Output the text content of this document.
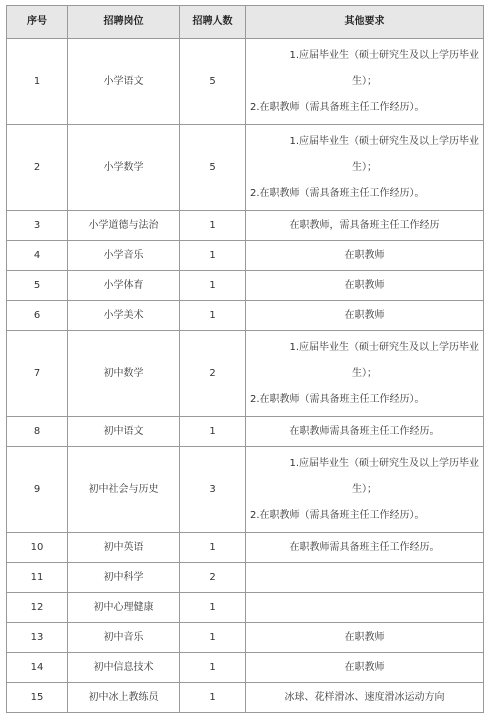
序号	招聘岗位	招聘人数	其他要求
1	小学语文	5	1.应届毕业生（硕士研究生及以上学历毕业
生）；
2.在职教师（需具备班主任工作经历）。

2	小学数学	5	1.应届毕业生（硕士研究生及以上学历毕业
生）；
2.在职教师（需具备班主任工作经历）。

3	小学道德与法治	1	在职教师，需具备班主任工作经历

4	小学音乐	1	在职教师

5	小学体育	1	在职教师

6	小学美术	1	在职教师

7	初中数学	2	1.应届毕业生（硕士研究生及以上学历毕业
生）；
2.在职教师（需具备班主任工作经历）。

8	初中语文	1	在职教师需具备班主任工作经历。

9	初中社会与历史	3	1.应届毕业生（硕士研究生及以上学历毕业
生）；
2.在职教师（需具备班主任工作经历）。

10	初中英语	1	在职教师需具备班主任工作经历。

11	初中科学	2	
12	初中心理健康	1	
13	初中音乐	1	在职教师

14	初中信息技术	1	在职教师

15	初中冰上教练员	1	冰球、花样滑冰、速度滑冰运动方向
